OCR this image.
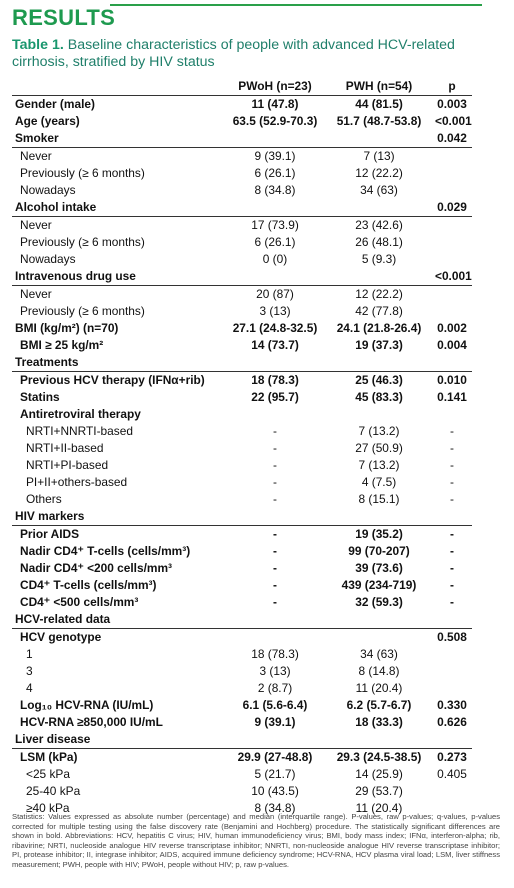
RESULTS
Table 1. Baseline characteristics of people with advanced HCV-related cirrhosis, stratified by HIV status
	PWoH (n=23)	PWH (n=54)	p
Gender (male)	11 (47.8)	44 (81.5)	0.003
Age (years)	63.5 (52.9-70.3)	51.7 (48.7-53.8)	<0.001
Smoker			0.042
Never	9 (39.1)	7 (13)	
Previously (≥ 6 months)	6 (26.1)	12 (22.2)	
Nowadays	8 (34.8)	34 (63)	
Alcohol intake			0.029
Never	17 (73.9)	23 (42.6)	
Previously (≥ 6 months)	6 (26.1)	26 (48.1)	
Nowadays	0 (0)	5 (9.3)	
Intravenous drug use			<0.001
Never	20 (87)	12 (22.2)	
Previously (≥ 6 months)	3 (13)	42 (77.8)	
BMI (kg/m²) (n=70)	27.1 (24.8-32.5)	24.1 (21.8-26.4)	0.002
BMI ≥ 25 kg/m²	14 (73.7)	19 (37.3)	0.004
Treatments			
Previous HCV therapy (IFNα+rib)	18 (78.3)	25 (46.3)	0.010
Statins	22 (95.7)	45 (83.3)	0.141
Antiretroviral therapy			
NRTI+NNRTI-based	-	7 (13.2)	-
NRTI+II-based	-	27 (50.9)	-
NRTI+PI-based	-	7 (13.2)	-
PI+II+others-based	-	4 (7.5)	-
Others	-	8 (15.1)	-
HIV markers			
Prior AIDS	-	19 (35.2)	-
Nadir CD4⁺ T-cells (cells/mm³)	-	99 (70-207)	-
Nadir CD4⁺ <200 cells/mm³	-	39 (73.6)	-
CD4⁺ T-cells (cells/mm³)	-	439 (234-719)	-
CD4⁺ <500 cells/mm³	-	32 (59.3)	-
HCV-related data			
HCV genotype			0.508
1	18 (78.3)	34 (63)	
3	3 (13)	8 (14.8)	
4	2 (8.7)	11 (20.4)	
Log₁₀ HCV-RNA (IU/mL)	6.1 (5.6-6.4)	6.2 (5.7-6.7)	0.330
HCV-RNA ≥850,000 IU/mL	9 (39.1)	18 (33.3)	0.626
Liver disease			
LSM (kPa)	29.9 (27-48.8)	29.3 (24.5-38.5)	0.273
<25 kPa	5 (21.7)	14 (25.9)	0.405
25-40 kPa	10 (43.5)	29 (53.7)	
≥40 kPa	8 (34.8)	11 (20.4)	
Statistics: Values expressed as absolute number (percentage) and median (interquartile range). P-values, raw p-values; q-values, p-values corrected for multiple testing using the false discovery rate (Benjamini and Hochberg) procedure. The statistically significant differences are shown in bold. Abbreviations: HCV, hepatitis C virus; HIV, human immunodeficiency virus; BMI, body mass index; IFNα, interferon-alpha; rib, ribavirine; NRTI, nucleoside analogue HIV reverse transcriptase inhibitor; NNRTI, non-nucleoside analogue HIV reverse transcriptase inhibitor; PI, protease inhibitor; II, integrase inhibitor; AIDS, acquired immune deficiency syndrome; HCV-RNA, HCV plasma viral load; LSM, liver stiffness measurement; PWH, people with HIV; PWoH, people without HIV; p, raw p-values.
